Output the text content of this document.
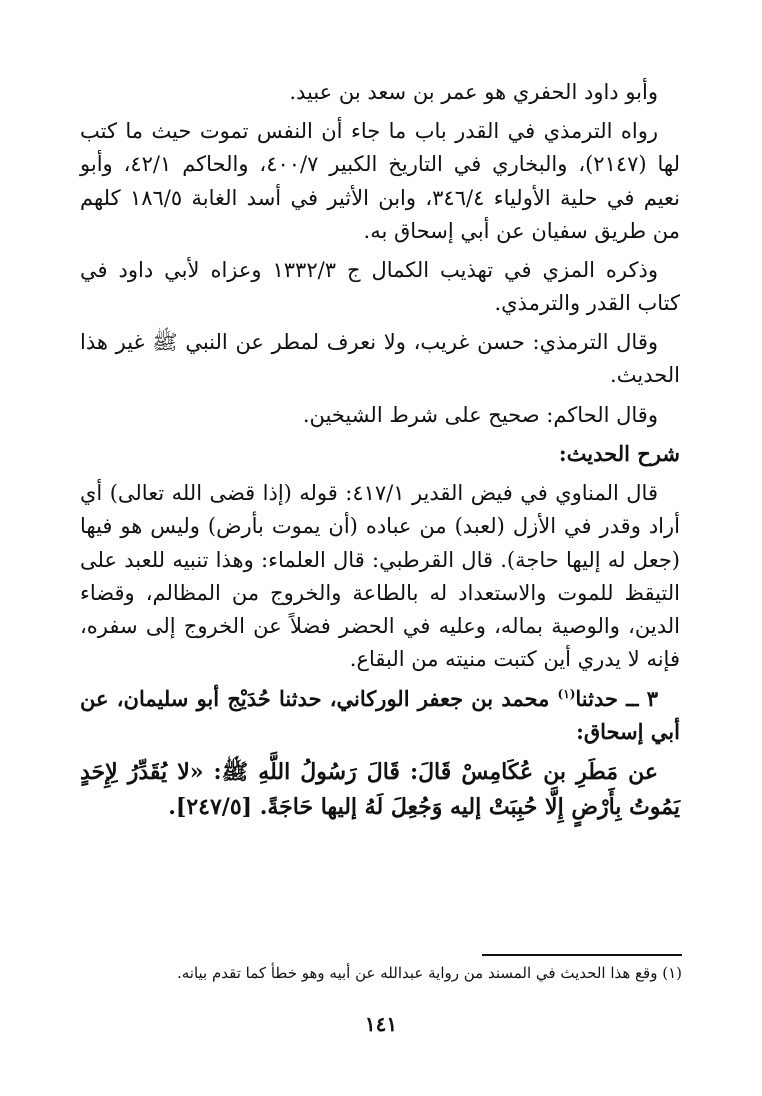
وأبو داود الحفري هو عمر بن سعد بن عبيد.

رواه الترمذي في القدر باب ما جاء أن النفس تموت حيث ما كتب لها (٢١٤٧)، والبخاري في التاريخ الكبير ٤٠٠/٧، والحاكم ٤٢/١، وأبو نعيم في حلية الأولياء ٣٤٦/٤، وابن الأثير في أسد الغابة ١٨٦/٥ كلهم من طريق سفيان عن أبي إسحاق به.

وذكره المزي في تهذيب الكمال ج ١٣٣٢/٣ وعزاه لأبي داود في كتاب القدر والترمذي.

وقال الترمذي: حسن غريب، ولا نعرف لمطر عن النبي ﷺ غير هذا الحديث.

وقال الحاكم: صحيح على شرط الشيخين.

شرح الحديث:

قال المناوي في فيض القدير ٤١٧/١: قوله (إذا قضى الله تعالى) أي أراد وقدر في الأزل (لعبد) من عباده (أن يموت بأرض) وليس هو فيها (جعل له إليها حاجة). قال القرطبي: قال العلماء: وهذا تنبيه للعبد على التيقظ للموت والاستعداد له بالطاعة والخروج من المظالم، وقضاء الدين، والوصية بماله، وعليه في الحضر فضلاً عن الخروج إلى سفره، فإنه لا يدري أين كتبت منيته من البقاع.

٣ ــ حدثنا$^{(١)}$ محمد بن جعفر الوركاني، حدثنا حُدَيْج أبو سليمان، عن أبي إسحاق:

عن مَطَرِ بن عُكَامِسْ قَالَ: قَالَ رَسُولُ اللَّهِ ﷺ: «لا يُقَدِّرُ لِإِحَدٍ يَمُوتُ بِأَرْضٍ إِلَّا حُبِبَتْ إليه وَجُعِلَ لَهُ إليها حَاجَةً. [٢٤٧/٥].

(١) وقع هذا الحديث في المسند من رواية عبدالله عن أبيه وهو خطأ كما تقدم بيانه.
١٤١
